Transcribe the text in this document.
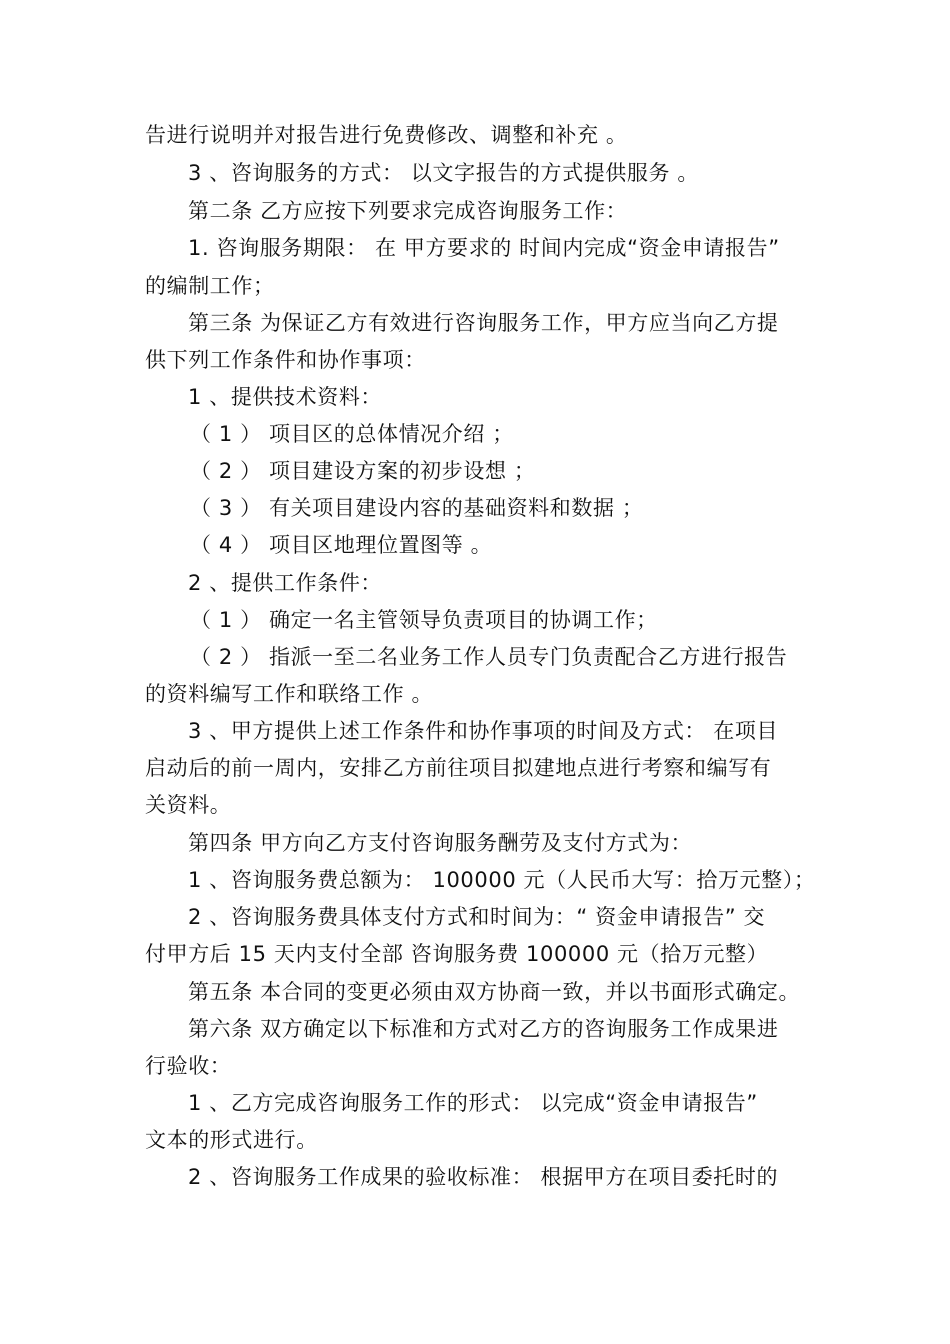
告进行说明并对报告进行免费修改、调整和补充 。
3 、咨询服务的方式： 以文字报告的方式提供服务 。
第二条 乙方应按下列要求完成咨询服务工作：
1. 咨询服务期限： 在 甲方要求的 时间内完成“资金申请报告”
的编制工作；
第三条 为保证乙方有效进行咨询服务工作，甲方应当向乙方提
供下列工作条件和协作事项：
1 、提供技术资料：
（ 1 ） 项目区的总体情况介绍 ；
（ 2 ） 项目建设方案的初步设想 ；
（ 3 ） 有关项目建设内容的基础资料和数据 ；
（ 4 ） 项目区地理位置图等 。
2 、提供工作条件：
（ 1 ） 确定一名主管领导负责项目的协调工作；
（ 2 ） 指派一至二名业务工作人员专门负责配合乙方进行报告
的资料编写工作和联络工作 。
3 、甲方提供上述工作条件和协作事项的时间及方式： 在项目
启动后的前一周内，安排乙方前往项目拟建地点进行考察和编写有
关资料。
第四条 甲方向乙方支付咨询服务酬劳及支付方式为：
1 、咨询服务费总额为： 100000 元（人民币大写：拾万元整）；
2 、咨询服务费具体支付方式和时间为：“ 资金申请报告” 交
付甲方后 15 天内支付全部 咨询服务费 100000 元（拾万元整）
第五条 本合同的变更必须由双方协商一致，并以书面形式确定。
第六条 双方确定以下标准和方式对乙方的咨询服务工作成果进
行验收：
1 、乙方完成咨询服务工作的形式： 以完成“资金申请报告”
文本的形式进行。
2 、咨询服务工作成果的验收标准： 根据甲方在项目委托时的
